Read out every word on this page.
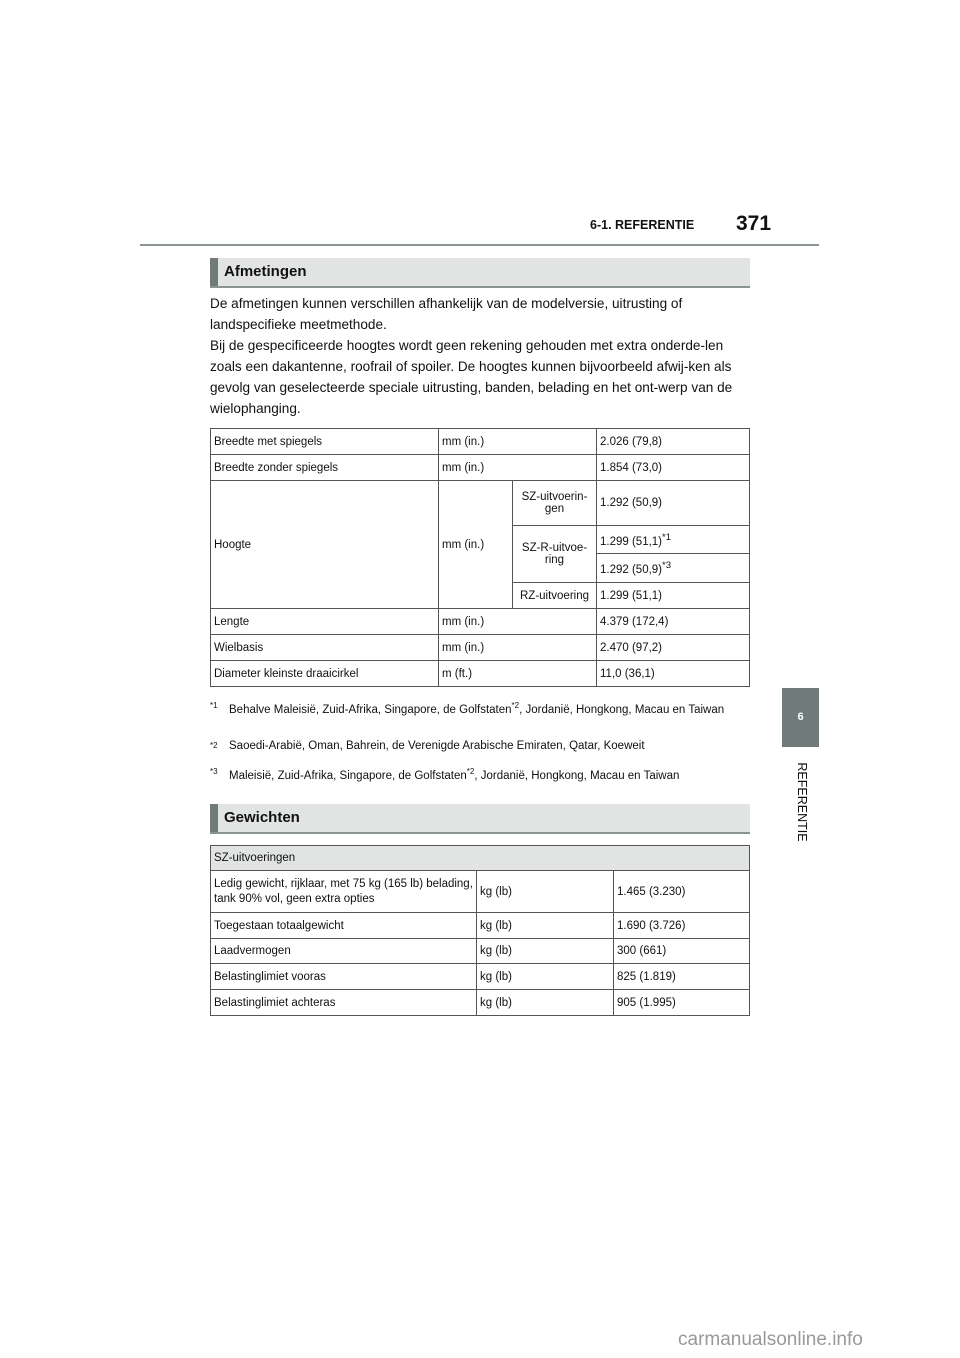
6-1. REFERENTIE 371
Afmetingen
De afmetingen kunnen verschillen afhankelijk van de modelversie, uitrusting of landspecifieke meetmethode.
Bij de gespecificeerde hoogtes wordt geen rekening gehouden met extra onderde-len zoals een dakantenne, roofrail of spoiler. De hoogtes kunnen bijvoorbeeld afwij-ken als gevolg van geselecteerde speciale uitrusting, banden, belading en het ont-werp van de wielophanging.
Breedte met spiegels	mm (in.)		2.026 (79,8)
Breedte zonder spiegels	mm (in.)		1.854 (73,0)
Hoogte	mm (in.)	SZ-uitvoerin-gen	1.292 (50,9)
		SZ-R-uitvoe-ring	1.299 $(51,1)^{*1}$
			1.292 $(50,9)^{*3}$
		RZ-uitvoering	1.299 (51,1)
Lengte	mm (in.)		4.379 (172,4)
Wielbasis	mm (in.)		2.470 (97,2)
Diameter kleinste draaicirkel	m (ft.)		11,0 (36,1)
*1 Behalve Maleisië, Zuid-Afrika, Singapore, de Golfstaten$^{*2}$, Jordanië, Hongkong, Macau en Taiwan
*2 Saoedi-Arabië, Oman, Bahrein, de Verenigde Arabische Emiraten, Qatar, Koeweit
*3 Maleisië, Zuid-Afrika, Singapore, de Golfstaten$^{*2}$, Jordanië, Hongkong, Macau en Taiwan
Gewichten
SZ-uitvoeringen		
Ledig gewicht, rijklaar, met 75 kg (165 lb) belading, tank 90% vol, geen extra opties	kg (lb)	1.465 (3.230)
Toegestaan totaalgewicht	kg (lb)	1.690 (3.726)
Laadvermogen	kg (lb)	300 (661)
Belastinglimiet vooras	kg (lb)	825 (1.819)
Belastinglimiet achteras	kg (lb)	905 (1.995)
6
REFERENTIE
carmanualsonline.info
